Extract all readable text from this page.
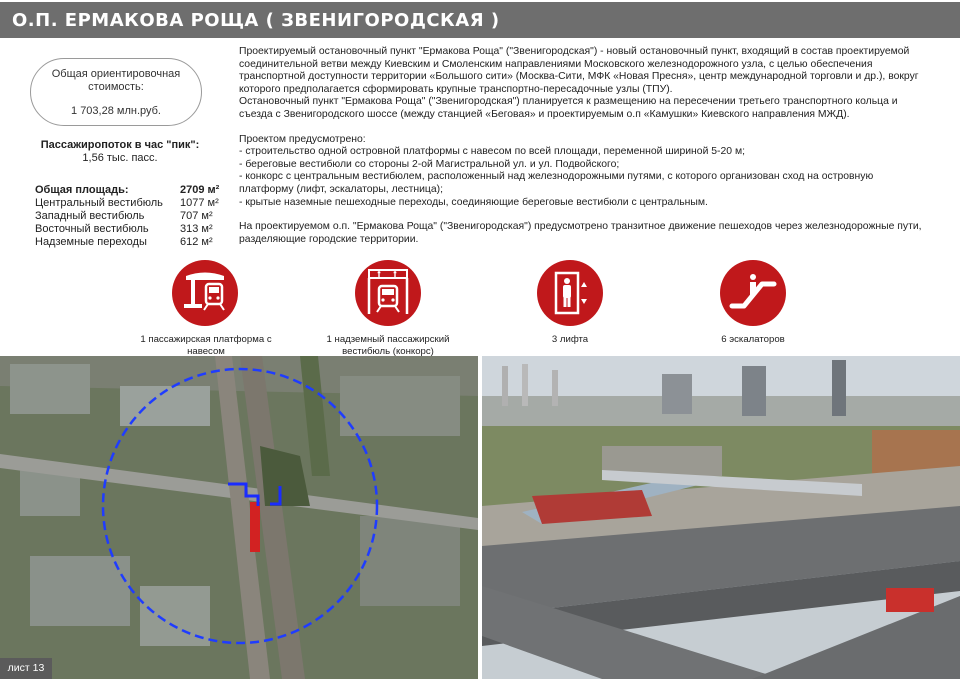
О.П. ЕРМАКОВА РОЩА ( ЗВЕНИГОРОДСКАЯ )
Общая ориентировочная стоимость:
1 703,28 млн.руб.
Пассажиропоток в час "пик":
1,56 тыс. пасс.
Общая площадь:	2709 м²
Центральный вестибюль 1077 м²
Западный вестибюль	707 м²
Восточный вестибюль	313 м²
Надземные переходы	612 м²

Проектируемый остановочный пункт "Ермакова Роща" ("Звенигородская") - новый остановочный пункт, входящий в состав проектируемой соединительной ветви между Киевским и Смоленским направлениями Московского железнодорожного узла, с целью обеспечения транспортной доступности территории «Большого сити» (Москва-Сити, МФК «Новая Пресня», центр международной торговли и др.), вокруг которого предполагается сформировать крупные транспортно-пересадочные узлы (ТПУ).

Остановочный пункт "Ермакова Роща" ("Звенигородская") планируется к размещению на пересечении третьего транспортного кольца и съезда с Звенигородского шоссе (между станцией «Беговая» и проектируемым о.п «Камушки» Киевского направления МЖД).

Проектом предусмотрено:

- строительство одной островной платформы с навесом по всей площади, переменной шириной 5-20 м;

- береговые вестибюли со стороны 2-ой Магистральной ул. и ул. Подвойского;

- конкорс с центральным вестибюлем, расположенный над железнодорожными путями, с которого организован сход на островную платформу (лифт, эскалаторы, лестница);

- крытые наземные пешеходные переходы, соединяющие береговые вестибюли с центральным.

На проектируемом о.п. "Ермакова Роща" ("Звенигородская") предусмотрено транзитное движение пешеходов через железнодорожные пути, разделяющие городские территории.

1 пассажирская платформа с навесом
1 надземный пассажирский вестибюль (конкорс)
3 лифта	6 эскалаторов
лист 13
